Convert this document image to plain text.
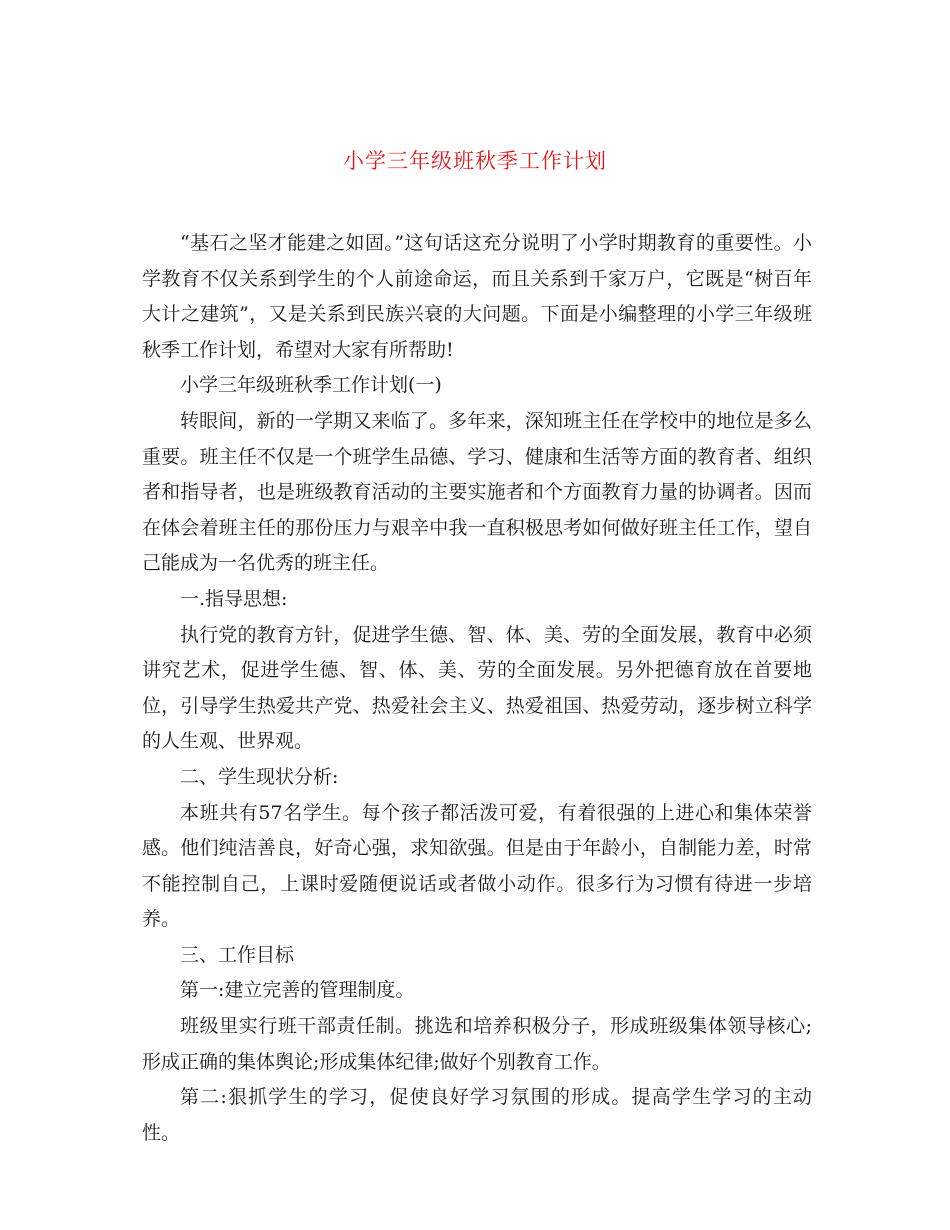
小学三年级班秋季工作计划

“基石之坚才能建之如固。”这句话这充分说明了小学时期教育的重要性。小学教育不仅关系到学生的个人前途命运，而且关系到千家万户，它既是“树百年大计之建筑”，又是关系到民族兴衰的大问题。下面是小编整理的小学三年级班秋季工作计划，希望对大家有所帮助!

小学三年级班秋季工作计划(一)

转眼间，新的一学期又来临了。多年来，深知班主任在学校中的地位是多么重要。班主任不仅是一个班学生品德、学习、健康和生活等方面的教育者、组织者和指导者，也是班级教育活动的主要实施者和个方面教育力量的协调者。因而在体会着班主任的那份压力与艰辛中我一直积极思考如何做好班主任工作，望自己能成为一名优秀的班主任。

一.指导思想:

执行党的教育方针，促进学生德、智、体、美、劳的全面发展，教育中必须讲究艺术，促进学生德、智、体、美、劳的全面发展。另外把德育放在首要地位，引导学生热爱共产党、热爱社会主义、热爱祖国、热爱劳动，逐步树立科学的人生观、世界观。

二、学生现状分析:

本班共有57名学生。每个孩子都活泼可爱，有着很强的上进心和集体荣誉感。他们纯洁善良，好奇心强，求知欲强。但是由于年龄小，自制能力差，时常不能控制自己，上课时爱随便说话或者做小动作。很多行为习惯有待进一步培养。

三、工作目标

第一:建立完善的管理制度。

班级里实行班干部责任制。挑选和培养积极分子，形成班级集体领导核心;形成正确的集体舆论;形成集体纪律;做好个别教育工作。

第二:狠抓学生的学习，促使良好学习氛围的形成。提高学生学习的主动性。
